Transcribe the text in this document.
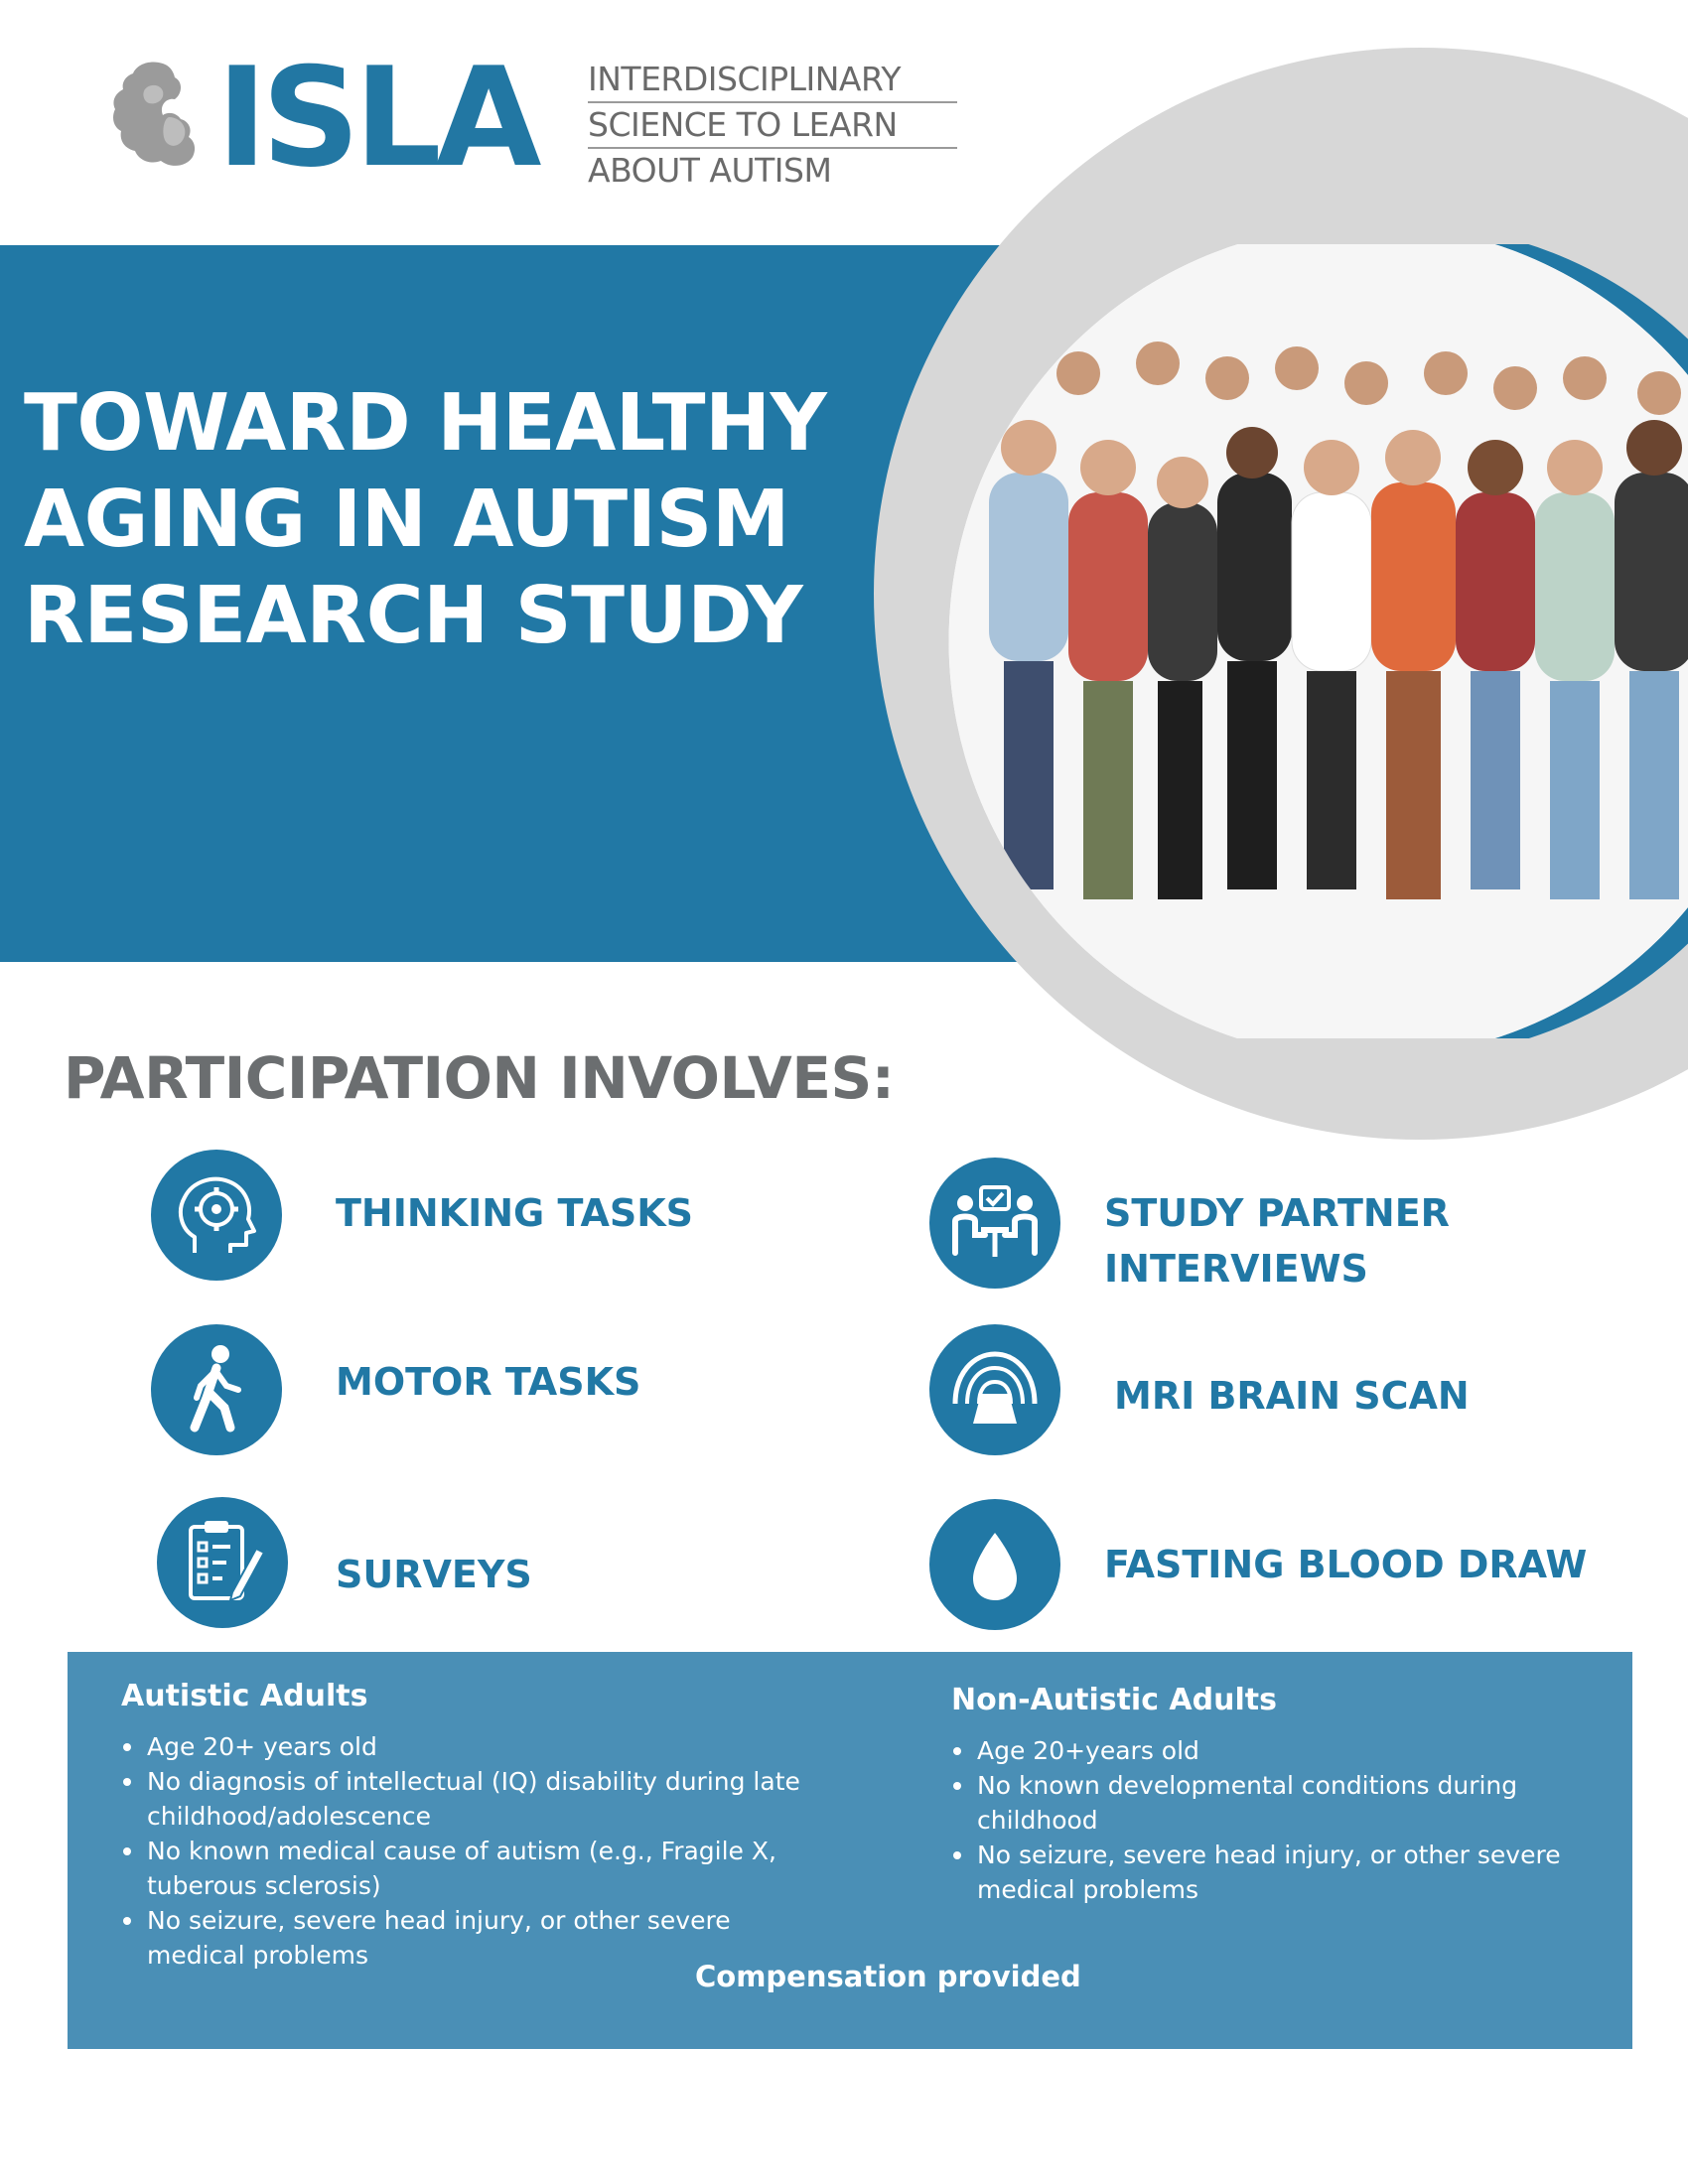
ISLA INTERDISCIPLINARY
SCIENCE TO LEARN
ABOUT AUTISM
TOWARD HEALTHY
AGING IN AUTISM
RESEARCH STUDY
PARTICIPATION INVOLVES:
THINKING TASKS	STUDY PARTNER
INTERVIEWS
MOTOR TASKS	MRI BRAIN SCAN
SURVEYS	FASTING BLOOD DRAW
Autistic Adults
Age 20+ years old
No diagnosis of intellectual (IQ) disability during late childhood/adolescence
No known medical cause of autism (e.g., Fragile X, tuberous sclerosis)
No seizure, severe head injury, or other severe medical problems
Non-Autistic Adults
Age 20+years old
No known developmental conditions during childhood
No seizure, severe head injury, or other severe medical problems
Compensation provided
